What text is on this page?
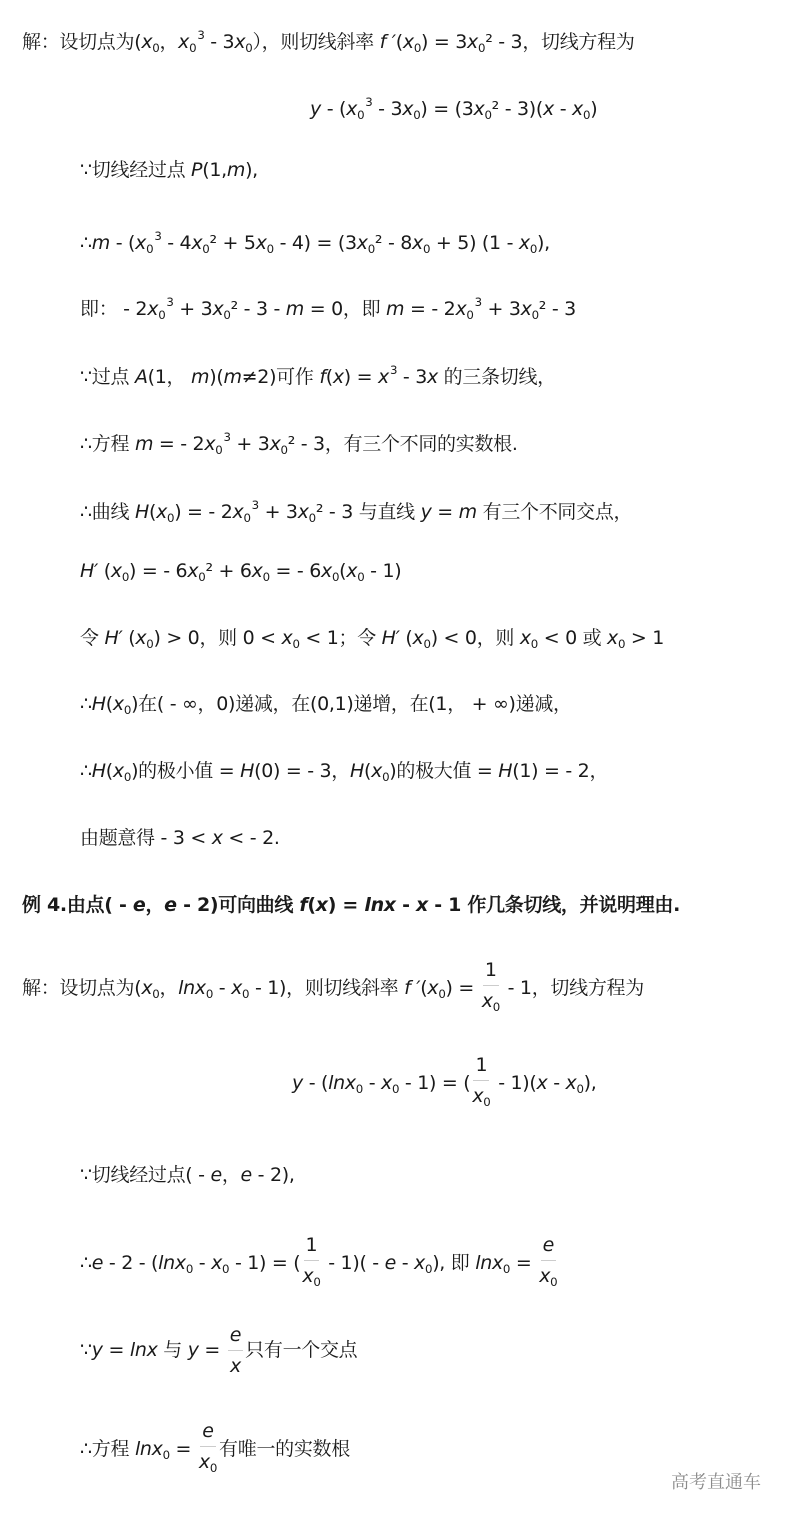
解：设切点为($x_0$，$x_0^3 - 3x_0$），则切线斜率 f $'(x_0) = 3x_0^2 - 3$，切线方程为
$y - (x_0^3 - 3x_0) = (3x_0^2 - 3)(x - x_0)$
∵切线经过点 P(1,m),
∴m - $(x_0^3 - 4x_0^2 + 5x_0 - 4) = (3x_0^2 - 8x_0 + 5)$ $(1 - x_0)$,
即： - $2x_0^3 + 3x_0^2 - 3 - m = 0$，即 m = - $2x_0^3 + 3x_0^2 - 3$
∵过点 A(1， m)(m≠2)可作 $f(x) = x^3 - 3x$ 的三条切线，
∴方程 m = - $2x_0^3 + 3x_0^2 - 3$，有三个不同的实数根.
∴曲线 $H(x_0)$ = - $2x_0^3 + 3x_0^2 - 3$ 与直线 y = m 有三个不同交点，
H′ $(x_0)$ = - $6x_0^2 + 6x_0$ = - $6x_0(x_0 - 1)$
令 H′ $(x_0) > 0$，则 $0 < x_0 < 1$；令 H′ $(x_0) < 0$，则 $x_0 < 0$ 或 $x_0 > 1$
$\therefore H(x_0)$在( - ∞，0)递减，在(0,1)递增，在(1， + ∞)递减，
$\therefore H(x_0)$的极小值 = H(0) = - 3，$H(x_0)$的极大值 = H(1) = - 2，
由题意得 - 3 < x < - 2.
例 4.由点( - e，e - 2)可向曲线 f(x) = lnx - x - 1 作几条切线，并说明理由.
解：设切点为($x_0$，$\ln x_0 - x_0 - 1$)，则切线斜率 f $'(x_0) = \frac{1}{x_0} - 1$，切线方程为
y - $(\ln x_0 - x_0 - 1)$ = ( $\frac{1}{x_0} - 1)(x - x_0)$,
∵切线经过点( - e，e - 2),
∴e - $2 - (\ln x_0 - x_0 - 1)$ = ( $\frac{1}{x_0} - 1$)( - e - $x_0$), 即 $\ln x_0 = \frac{e}{x_0}$
∵y = lnx 与 $y = \frac{e}{x}$ 只有一个交点
∴方程 $\ln x_0 = \frac{e}{x_0}$ 有唯一的实数根
高考直通车
